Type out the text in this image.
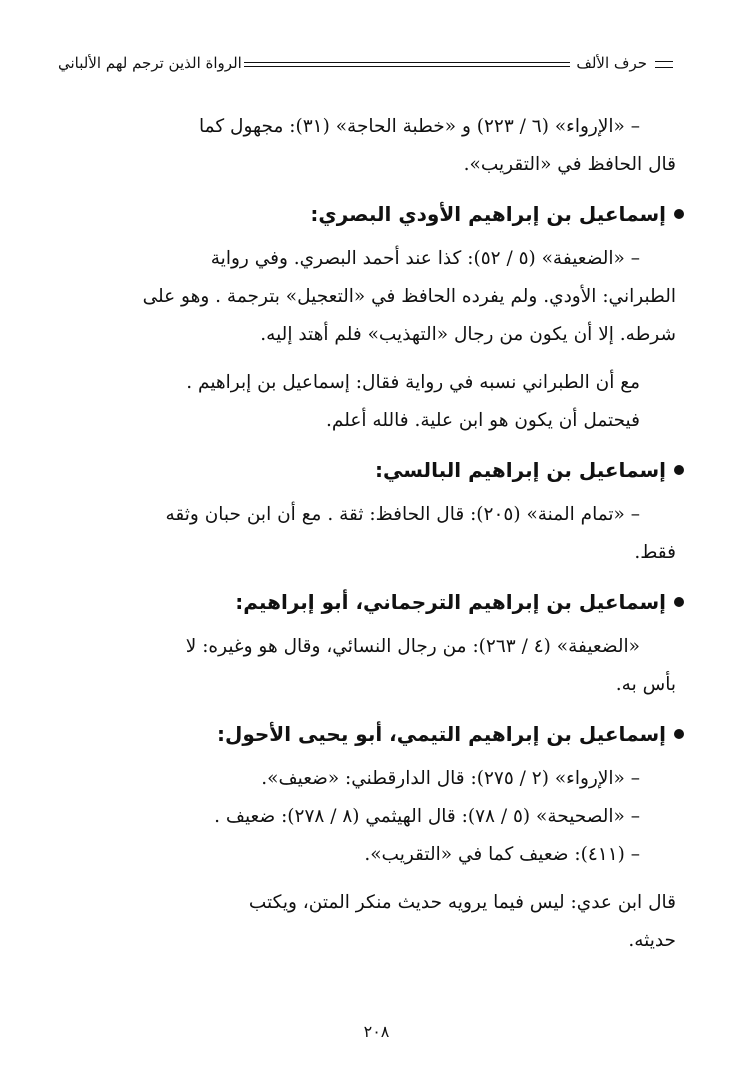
حرف الألف
الرواة الذين ترجم لهم الألباني
– «الإرواء» (٦ / ٢٢٣) و «خطبة الحاجة» (٣١): مجهول كما
قال الحافظ في «التقريب».
إسماعيل بن إبراهيم الأودي البصري:
– «الضعيفة» (٥ / ٥٢): كذا عند أحمد البصري. وفي رواية
الطبراني: الأودي. ولم يفرده الحافظ في «التعجيل» بترجمة . وهو على
شرطه. إلا أن يكون من رجال «التهذيب» فلم أهتد إليه.
مع أن الطبراني نسبه في رواية فقال: إسماعيل بن إبراهيم .
فيحتمل أن يكون هو ابن علية. فالله أعلم.
إسماعيل بن إبراهيم البالسي:
– «تمام المنة» (٢٠٥): قال الحافظ: ثقة . مع أن ابن حبان وثقه
فقط.
إسماعيل بن إبراهيم الترجماني، أبو إبراهيم:
«الضعيفة» (٤ / ٢٦٣): من رجال النسائي، وقال هو وغيره: لا
بأس به.
إسماعيل بن إبراهيم التيمي، أبو يحيى الأحول:
– «الإرواء» (٢ / ٢٧٥): قال الدارقطني: «ضعيف».
– «الصحيحة» (٥ / ٧٨): قال الهيثمي (٨ / ٢٧٨): ضعيف .
– (٤١١): ضعيف كما في «التقريب».
قال ابن عدي: ليس فيما يرويه حديث منكر المتن، ويكتب
حديثه.
٢٠٨
